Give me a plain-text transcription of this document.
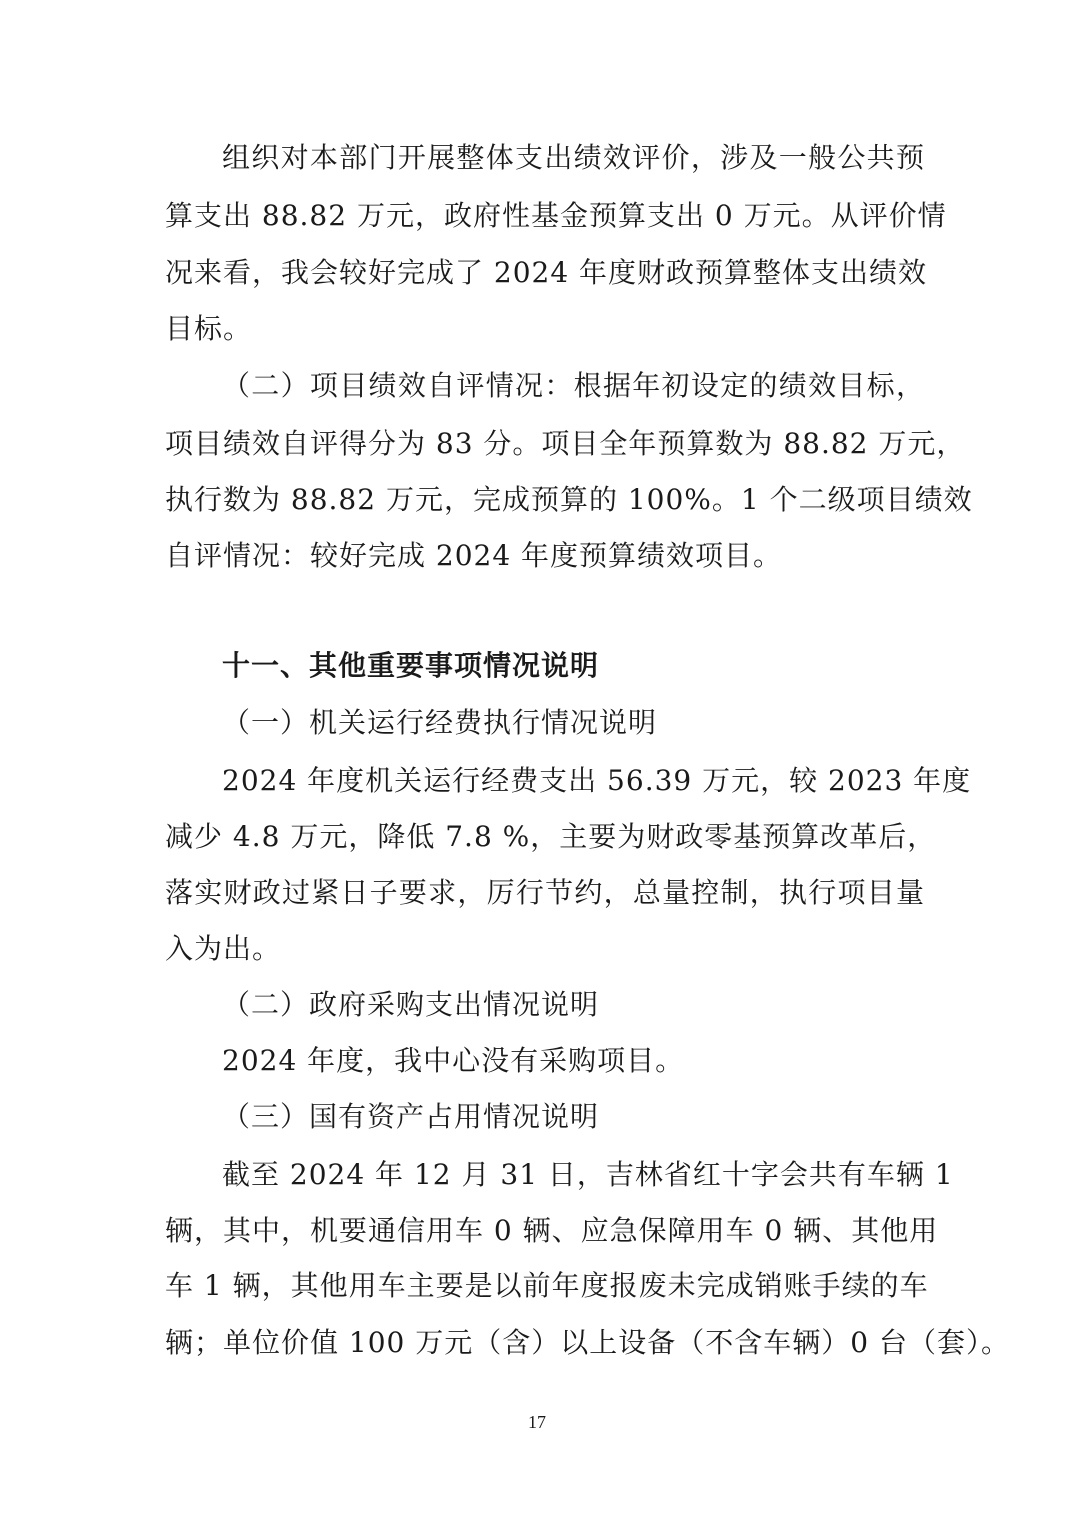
组织对本部门开展整体支出绩效评价，涉及一般公共预
算支出 88.82 万元，政府性基金预算支出 0 万元。从评价情
况来看，我会较好完成了 2024 年度财政预算整体支出绩效
目标。
（二）项目绩效自评情况：根据年初设定的绩效目标，
项目绩效自评得分为 83 分。项目全年预算数为 88.82 万元，
执行数为 88.82 万元，完成预算的 100%。1 个二级项目绩效
自评情况：较好完成 2024 年度预算绩效项目。
十一、其他重要事项情况说明
（一）机关运行经费执行情况说明
2024 年度机关运行经费支出 56.39 万元，较 2023 年度
减少 4.8 万元，降低 7.8 %，主要为财政零基预算改革后，
落实财政过紧日子要求，厉行节约，总量控制，执行项目量
入为出。
（二）政府采购支出情况说明
2024 年度，我中心没有采购项目。
（三）国有资产占用情况说明
截至 2024 年 12 月 31 日，吉林省红十字会共有车辆 1
辆，其中，机要通信用车 0 辆、应急保障用车 0 辆、其他用
车 1 辆，其他用车主要是以前年度报废未完成销账手续的车
辆；单位价值 100 万元（含）以上设备（不含车辆）0 台（套）。
17
